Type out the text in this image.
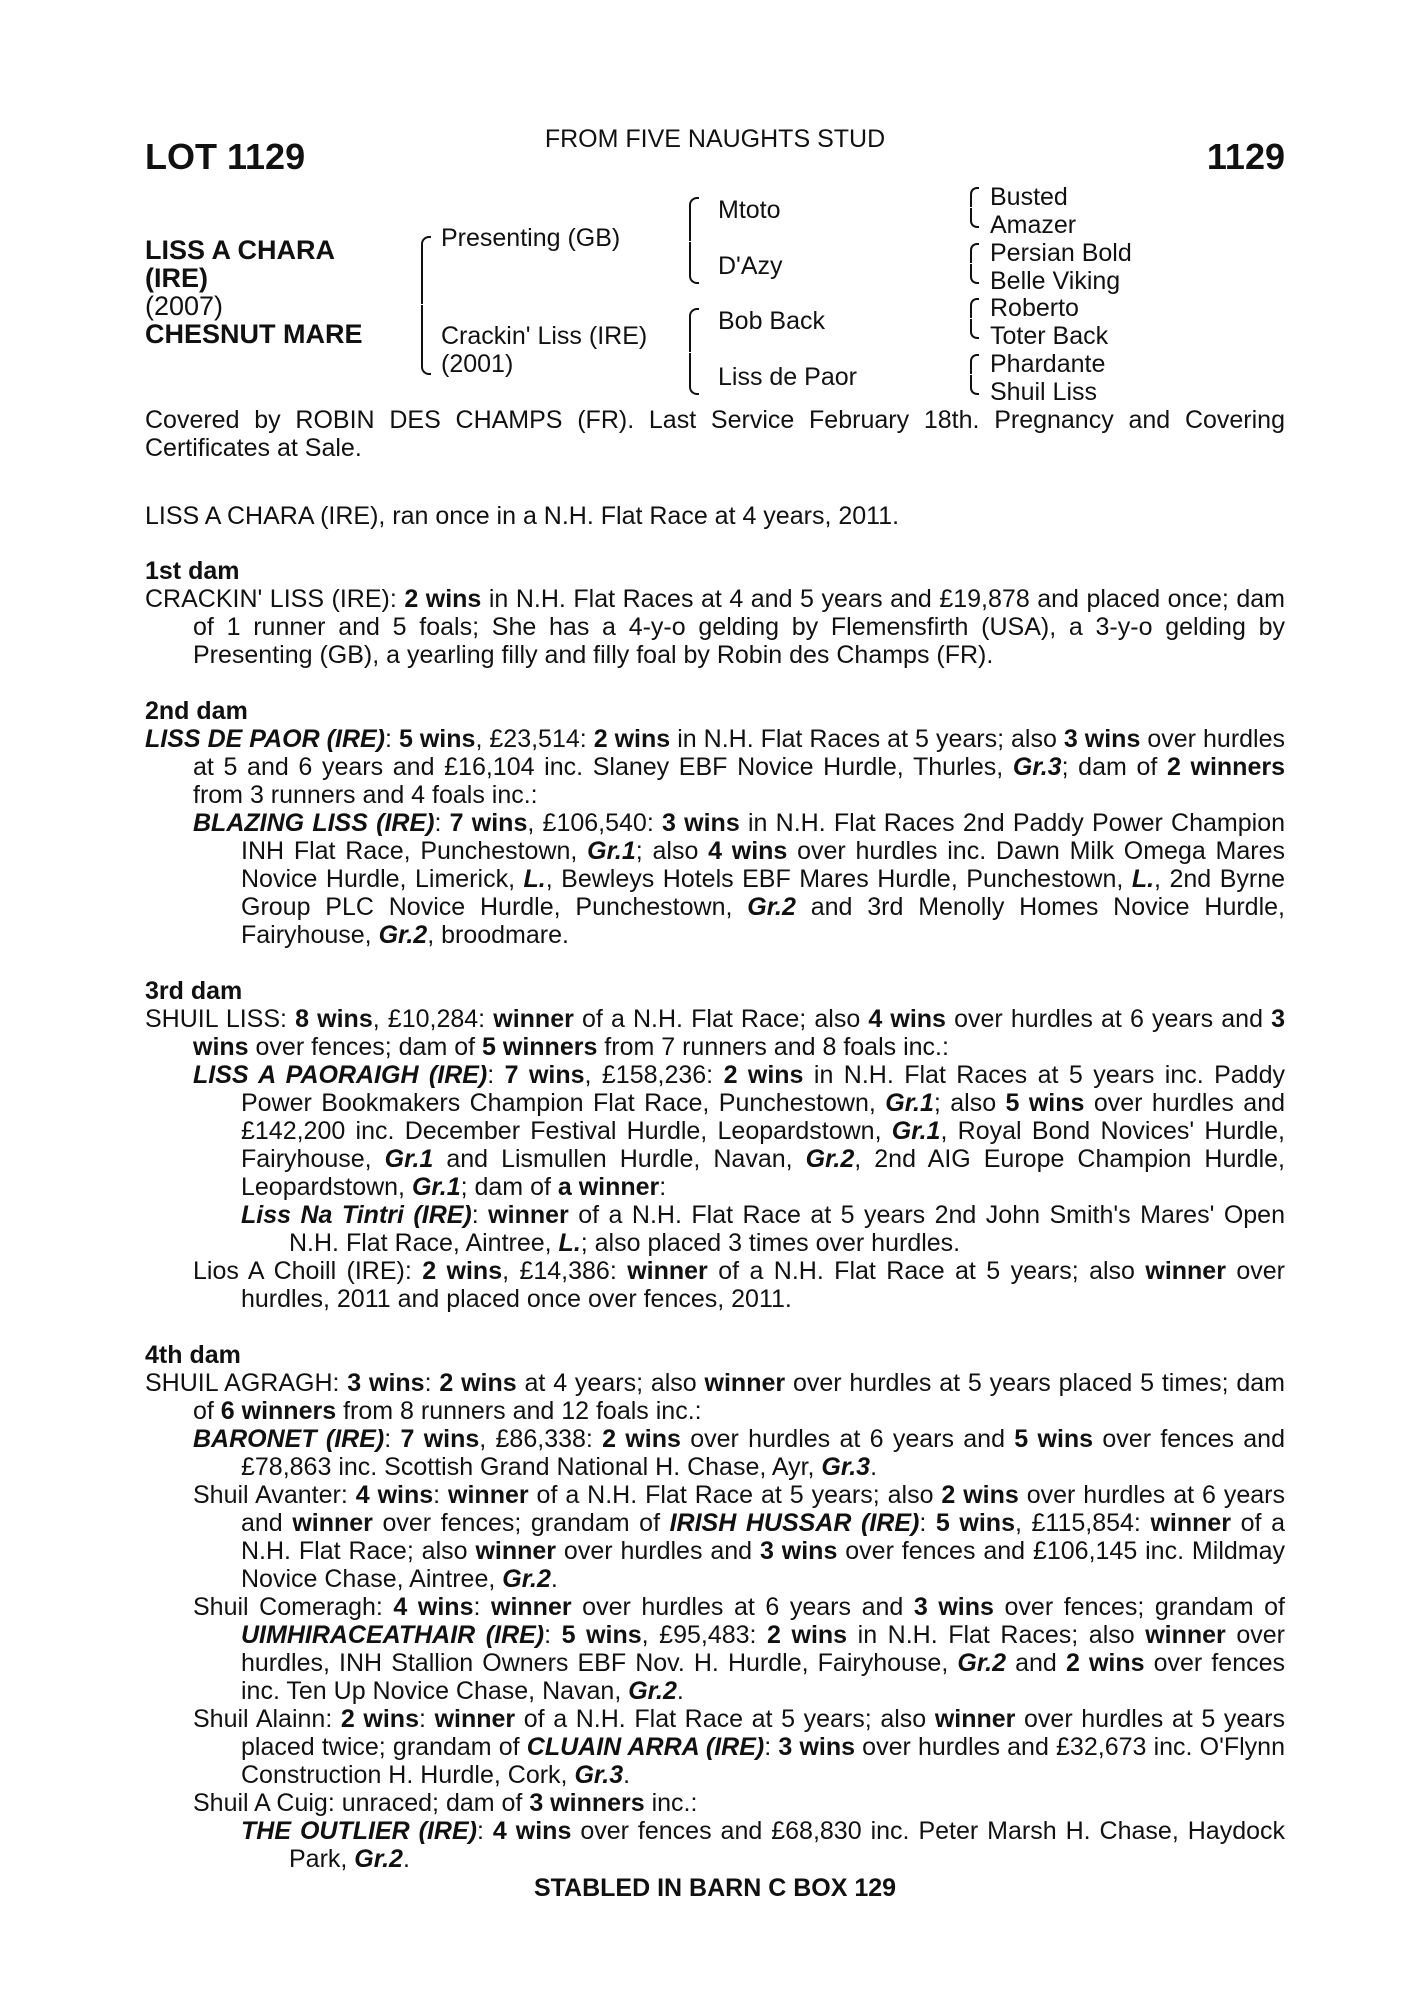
LOT 1129	FROM FIVE NAUGHTS STUD	1129
LISS A CHARA
(IRE)
(2007)
CHESNUT MARE
Presenting (GB)
Crackin' Liss (IRE)
(2001)
Mtoto
D'Azy
Bob Back
Liss de Paor
Busted
Amazer
Persian Bold
Belle Viking
Roberto
Toter Back
Phardante
Shuil Liss
Covered by ROBIN DES CHAMPS (FR). Last Service February 18th. Pregnancy and Covering Certificates at Sale.
LISS A CHARA (IRE), ran once in a N.H. Flat Race at 4 years, 2011.
1st dam

CRACKIN' LISS (IRE): 2 wins in N.H. Flat Races at 4 and 5 years and £19,878 and placed once; dam of 1 runner and 5 foals; She has a 4-y-o gelding by Flemensfirth (USA), a 3-y-o gelding by Presenting (GB), a yearling filly and filly foal by Robin des Champs (FR).

2nd dam

LISS DE PAOR (IRE): 5 wins, £23,514: 2 wins in N.H. Flat Races at 5 years; also 3 wins over hurdles at 5 and 6 years and £16,104 inc. Slaney EBF Novice Hurdle, Thurles, Gr.3; dam of 2 winners from 3 runners and 4 foals inc.:

BLAZING LISS (IRE): 7 wins, £106,540: 3 wins in N.H. Flat Races 2nd Paddy Power Champion INH Flat Race, Punchestown, Gr.1; also 4 wins over hurdles inc. Dawn Milk Omega Mares Novice Hurdle, Limerick, L., Bewleys Hotels EBF Mares Hurdle, Punchestown, L., 2nd Byrne Group PLC Novice Hurdle, Punchestown, Gr.2 and 3rd Menolly Homes Novice Hurdle, Fairyhouse, Gr.2, broodmare.

3rd dam

SHUIL LISS: 8 wins, £10,284: winner of a N.H. Flat Race; also 4 wins over hurdles at 6 years and 3 wins over fences; dam of 5 winners from 7 runners and 8 foals inc.:

LISS A PAORAIGH (IRE): 7 wins, £158,236: 2 wins in N.H. Flat Races at 5 years inc. Paddy Power Bookmakers Champion Flat Race, Punchestown, Gr.1; also 5 wins over hurdles and £142,200 inc. December Festival Hurdle, Leopardstown, Gr.1, Royal Bond Novices' Hurdle, Fairyhouse, Gr.1 and Lismullen Hurdle, Navan, Gr.2, 2nd AIG Europe Champion Hurdle, Leopardstown, Gr.1; dam of a winner:

Liss Na Tintri (IRE): winner of a N.H. Flat Race at 5 years 2nd John Smith's Mares' Open N.H. Flat Race, Aintree, L.; also placed 3 times over hurdles.

Lios A Choill (IRE): 2 wins, £14,386: winner of a N.H. Flat Race at 5 years; also winner over hurdles, 2011 and placed once over fences, 2011.

4th dam

SHUIL AGRAGH: 3 wins: 2 wins at 4 years; also winner over hurdles at 5 years placed 5 times; dam of 6 winners from 8 runners and 12 foals inc.:

BARONET (IRE): 7 wins, £86,338: 2 wins over hurdles at 6 years and 5 wins over fences and £78,863 inc. Scottish Grand National H. Chase, Ayr, Gr.3.

Shuil Avanter: 4 wins: winner of a N.H. Flat Race at 5 years; also 2 wins over hurdles at 6 years and winner over fences; grandam of IRISH HUSSAR (IRE): 5 wins, £115,854: winner of a N.H. Flat Race; also winner over hurdles and 3 wins over fences and £106,145 inc. Mildmay Novice Chase, Aintree, Gr.2.

Shuil Comeragh: 4 wins: winner over hurdles at 6 years and 3 wins over fences; grandam of UIMHIRACEATHAIR (IRE): 5 wins, £95,483: 2 wins in N.H. Flat Races; also winner over hurdles, INH Stallion Owners EBF Nov. H. Hurdle, Fairyhouse, Gr.2 and 2 wins over fences inc. Ten Up Novice Chase, Navan, Gr.2.

Shuil Alainn: 2 wins: winner of a N.H. Flat Race at 5 years; also winner over hurdles at 5 years placed twice; grandam of CLUAIN ARRA (IRE): 3 wins over hurdles and £32,673 inc. O'Flynn Construction H. Hurdle, Cork, Gr.3.

Shuil A Cuig: unraced; dam of 3 winners inc.:

THE OUTLIER (IRE): 4 wins over fences and £68,830 inc. Peter Marsh H. Chase, Haydock Park, Gr.2.

STABLED IN BARN C BOX 129
